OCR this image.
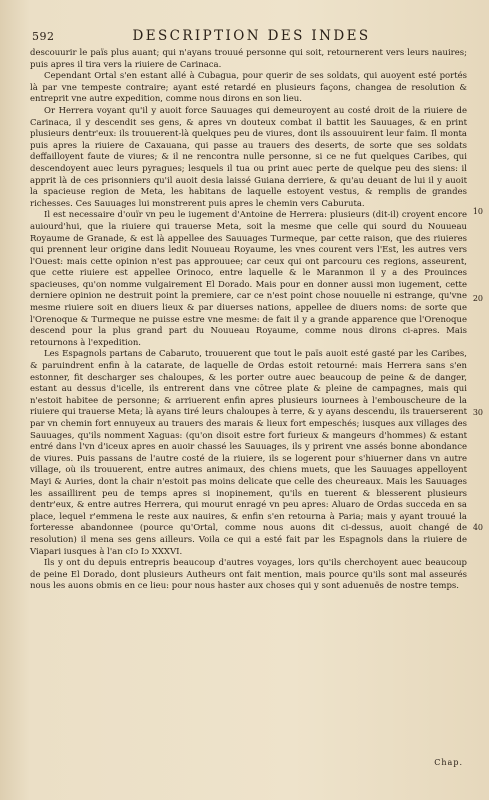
592	DESCRIPTION DES INDES

descouurir le païs plus auant; qui n'ayans trouué personne qui soit, retournerent vers leurs nauires; puis apres il tira vers la riuiere de Carinaca.

Cependant Ortal s'en estant allé à Cubagua, pour querir de ses soldats, qui auoyent esté portés là par vne tempeste contraire; ayant esté retardé en plusieurs façons, changea de resolution & entreprit vne autre expedition, comme nous dirons en son lieu.

Or Herrera voyant qu'il y auoit force Sauuages qui demeuroyent au costé droit de la riuiere de Carinaca, il y descendit ses gens, & apres vn douteux combat il battit les Sauuages, & en print plusieurs dentr'eux: ils trouuerent-là quelques peu de viures, dont ils assouuirent leur faim. Il monta puis apres la riuiere de Caxauana, qui passe au trauers des deserts, de sorte que ses soldats deffailloyent faute de viures; & il ne rencontra nulle personne, si ce ne fut quelques Caribes, qui descendoyent auec leurs pyragues; lesquels il tua ou print auec perte de quelque peu des siens: il apprit là de ces prisonniers qu'il auoit desia laissé Guiana derriere, & qu'au deuant de lui il y auoit la spacieuse region de Meta, les habitans de laquelle estoyent vestus, & remplis de grandes richesses. Ces Sauuages lui monstrerent puis apres le chemin vers Caburuta.

Il est necessaire d'ouïr vn peu le iugement d'Antoine de Herrera: plusieurs (dit-il) croyent encore auiourd'hui, que la riuiere qui trauerse Meta, soit la mesme que celle qui sourd du Nouueau Royaume de Granade, & est là appellee des Sauuages Turmeque, par cette raison, que des riuieres qui prennent leur origine dans ledit Nouueau Royaume, les vnes courent vers l'Est, les autres vers l'Ouest: mais cette opinion n'est pas approuuee; car ceux qui ont parcouru ces regions, asseurent, que cette riuiere est appellee Orinoco, entre laquelle & le Maranmon il y a des Prouinces spacieuses, qu'on nomme vulgairement El Dorado. Mais pour en donner aussi mon iugement, cette derniere opinion ne destruit point la premiere, car ce n'est point chose nouuelle ni estrange, qu'vne mesme riuiere soit en diuers lieux & par diuerses nations, appellee de diuers noms: de sorte que l'Orenoque & Turmeque ne puisse estre vne mesme: de fait il y a grande apparence que l'Orenoque descend pour la plus grand part du Nouueau Royaume, comme nous dirons ci-apres. Mais retournons à l'expedition.

Les Espagnols partans de Cabaruto, trouuerent que tout le païs auoit esté gasté par les Caribes, & paruindrent enfin à la catarate, de laquelle de Ordas estoit retourné: mais Herrera sans s'en estonner, fit descharger ses chaloupes, & les porter outre auec beaucoup de peine & de danger, estant au dessus d'icelle, ils entrerent dans vne cōtree plate & pleine de campagnes, mais qui n'estoit habitee de personne; & arriuerent enfin apres plusieurs iournees à l'embouscheure de la riuiere qui trauerse Meta; là ayans tiré leurs chaloupes à terre, & y ayans descendu, ils trauerserent par vn chemin fort ennuyeux au trauers des marais & lieux fort empeschés; iusques aux villages des Sauuages, qu'ils nomment Xaguas: (qu'on disoit estre fort furieux & mangeurs d'hommes) & estant entré dans l'vn d'iceux apres en auoir chassé les Sauuages, ils y prirent vne assés bonne abondance de viures. Puis passans de l'autre costé de la riuiere, ils se logerent pour s'hiuerner dans vn autre village, où ils trouuerent, entre autres animaux, des chiens muets, que les Sauuages appelloyent Mayi & Auries, dont la chair n'estoit pas moins delicate que celle des cheureaux. Mais les Sauuages les assaillirent peu de temps apres si inopinement, qu'ils en tuerent & blesserent plusieurs dentr'eux, & entre autres Herrera, qui mourut enragé vn peu apres: Aluaro de Ordas succeda en sa place, lequel r'emmena le reste aux nauires, & enfin s'en retourna à Paria; mais y ayant trouué la forteresse abandonnee (pource qu'Ortal, comme nous auons dit ci-dessus, auoit changé de resolution) il mena ses gens ailleurs. Voila ce qui a esté fait par les Espagnols dans la riuiere de Viapari iusques à l'an cIɔ Iɔ XXXVI.

Ils y ont du depuis entrepris beaucoup d'autres voyages, lors qu'ils cherchoyent auec beaucoup de peine El Dorado, dont plusieurs Autheurs ont fait mention, mais pource qu'ils sont mal asseurés nous les auons obmis en ce lieu: pour nous haster aux choses qui y sont aduenuës de nostre temps.

10
20
30
40
Chap.
